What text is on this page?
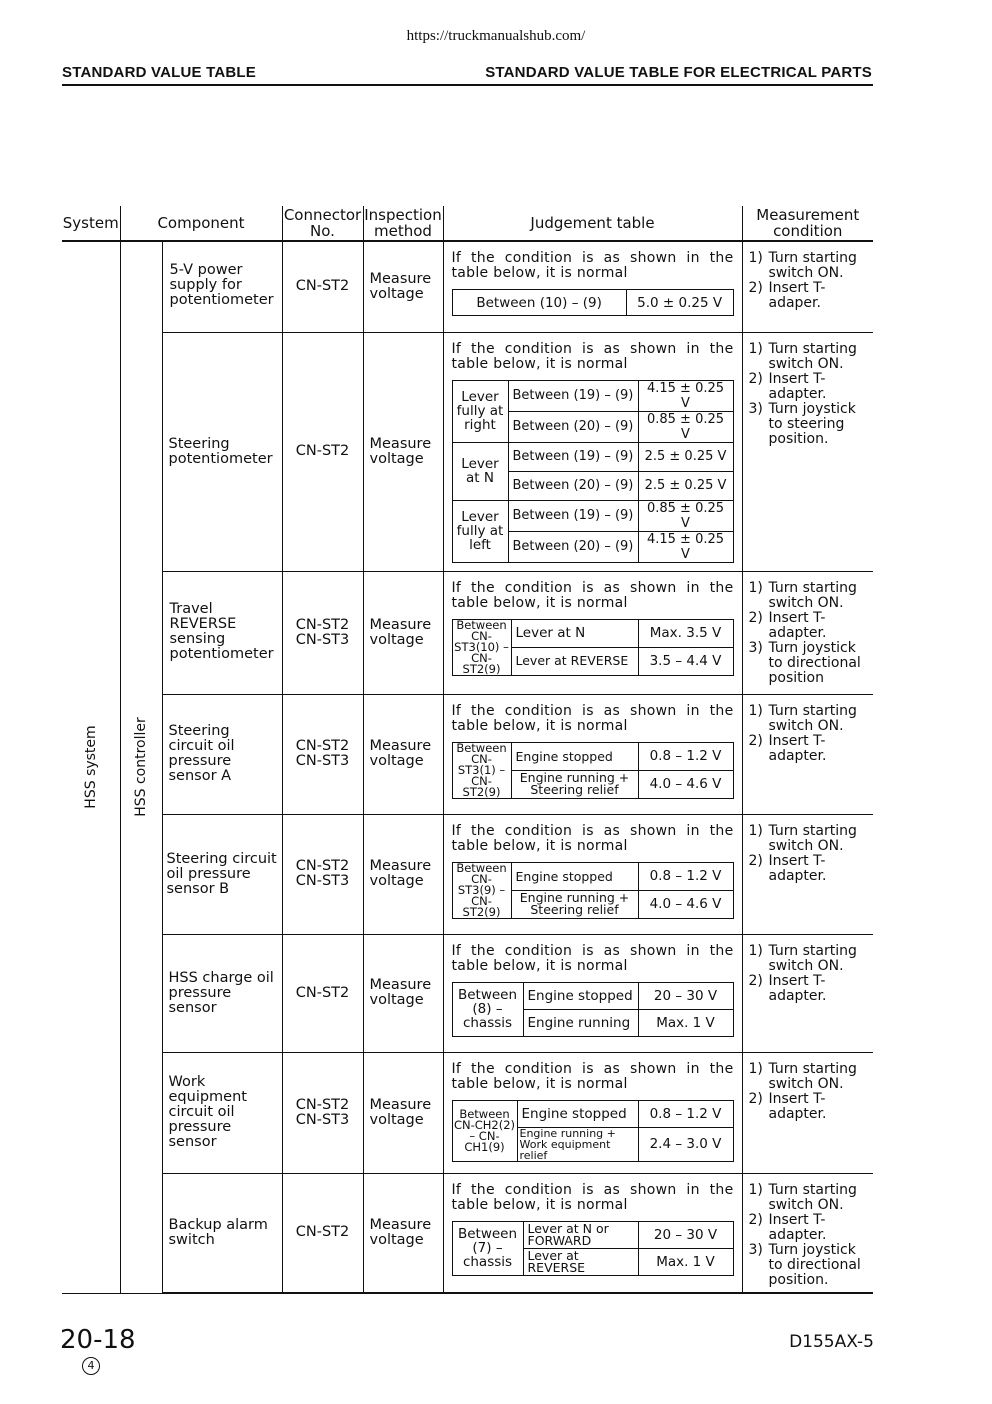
https://truckmanualshub.com/
STANDARD VALUE TABLE	STANDARD VALUE TABLE FOR ELECTRICAL PARTS
System	Component	Connector No.	Inspection method	Judgement table	Measurement condition

HSS system	HSS controller
	5-V power supply for potentiometer	CN-ST2	Measure voltage	
If the condition is as shown in the table below, it is normal
Between (10) – (9)	5.0 ± 0.25 V

1) Turn starting switch ON.
2) Insert T-adaper.

Steering potentiometer	CN-ST2	Measure voltage	
If the condition is as shown in the table below, it is normal
Lever fully at right	Between (19) – (9)	4.15 ± 0.25 V
Between (20) – (9)	0.85 ± 0.25 V
Lever at N	Between (19) – (9)	2.5 ± 0.25 V
Between (20) – (9)	2.5 ± 0.25 V
Lever fully at left	Between (19) – (9)	0.85 ± 0.25 V
Between (20) – (9)	4.15 ± 0.25 V

1) Turn starting switch ON.
2) Insert T-adapter.
3) Turn joystick to steering position.

Travel REVERSE sensing potentiometer	CN-ST2 CN-ST3	Measure voltage	
If the condition is as shown in the table below, it is normal
Between CN-ST3(10) – CN-ST2(9)	Lever at N	Max. 3.5 V
Lever at REVERSE	3.5 – 4.4 V

1) Turn starting switch ON.
2) Insert T-adapter.
3) Turn joystick to directional position

Steering circuit oil pressure sensor A	CN-ST2 CN-ST3	Measure voltage	
If the condition is as shown in the table below, it is normal
Between CN-ST3(1) – CN-ST2(9)	Engine stopped	0.8 – 1.2 V
Engine running + Steering relief	4.0 – 4.6 V

1) Turn starting switch ON.
2) Insert T-adapter.

Steering circuit oil pressure sensor B	CN-ST2 CN-ST3	Measure voltage	
If the condition is as shown in the table below, it is normal
Between CN-ST3(9) – CN-ST2(9)	Engine stopped	0.8 – 1.2 V
Engine running + Steering relief	4.0 – 4.6 V

1) Turn starting switch ON.
2) Insert T-adapter.

HSS charge oil pressure sensor	CN-ST2	Measure voltage	
If the condition is as shown in the table below, it is normal
Between (8) – chassis	Engine stopped	20 – 30 V
Engine running	Max. 1 V

1) Turn starting switch ON.
2) Insert T-adapter.

Work equipment circuit oil pressure sensor	CN-ST2 CN-ST3	Measure voltage	
If the condition is as shown in the table below, it is normal
Between CN-CH2(2) – CN-CH1(9)	Engine stopped	0.8 – 1.2 V
Engine running + Work equipment relief	2.4 – 3.0 V

1) Turn starting switch ON.
2) Insert T-adapter.

Backup alarm switch	CN-ST2	Measure voltage	
If the condition is as shown in the table below, it is normal
Between (7) – chassis	Lever at N or FORWARD	20 – 30 V
Lever at REVERSE	Max. 1 V

1) Turn starting switch ON.
2) Insert T-adapter.
3) Turn joystick to directional position.
20-18
4
D155AX-5
